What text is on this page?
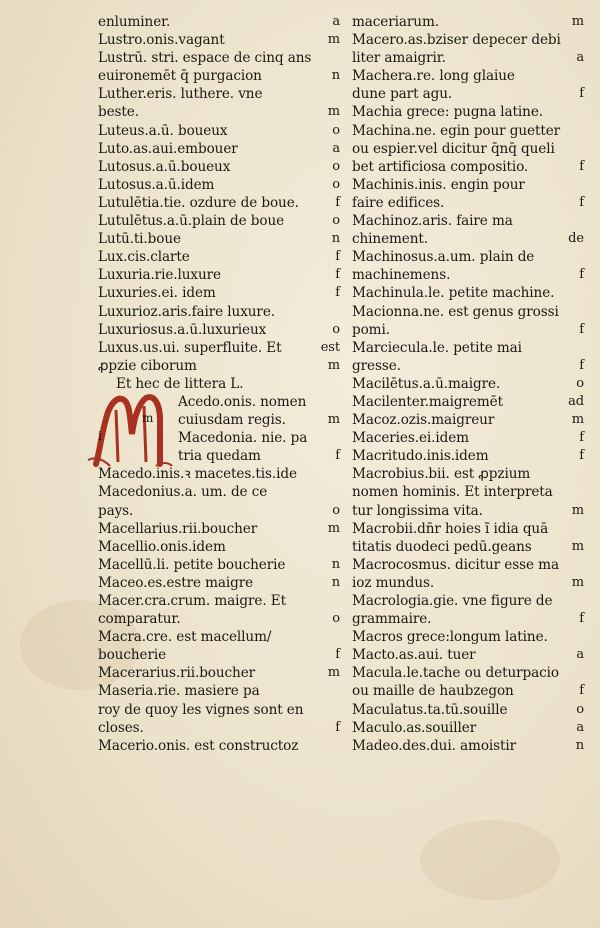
enluminer.	a
Lustro.onis.vagant	m
Lustrū. stri. espace de cinq ans
euironemēt q̄ purgacion	n
Luther.eris. luthere. vne
beste.	m
Luteus.a.ū. boueux	o
Luto.as.aui.embouer	a
Lutosus.a.ū.boueux	o
Lutosus.a.ū.idem	o
Lutulētia.tie. ozdure de boue.	f
Lutulētus.a.ū.plain de boue	o
Lutū.ti.boue	n
Lux.cis.clarte	f
Luxuria.rie.luxure	f
Luxuries.ei. idem	f
Luxurioz.aris.faire luxure.
Luxuriosus.a.ū.luxurieux	o
Luxus.us.ui. superfluite. Et	est
ꝓpzie ciborum	m
Et hec de littera L.
Acedo.onis. nomen
cuiusdam regis.	m
Macedonia. nie. pa
tria quedam	f
Macedo.inis.ꝛ macetes.tis.ide
Macedonius.a. um. de ce
pays.	o
Macellarius.rii.boucher	m
Macellio.onis.idem
Macellū.li. petite boucherie	n
Maceo.es.estre maigre	n
Macer.cra.crum. maigre. Et
comparatur.	o
Macra.cre. est macellum/
boucherie	f
Macerarius.rii.boucher	m
Maseria.rie. masiere pa
roy de quoy les vignes sont en
closes.	f
Macerio.onis. est constructoz
maceriarum.	m
Macero.as.bziser depecer debi
liter amaigrir.	a
Machera.re. long glaiue
dune part agu.	f
Machia grece: pugna latine.
Machina.ne. egin pour guetter
ou espier.vel dicitur q̄nq̄ queli
bet artificiosa compositio.	f
Machinis.inis. engin pour
faire edifices.	f
Machinoz.aris. faire ma
chinement.	de
Machinosus.a.um. plain de
machinemens.	f
Machinula.le. petite machine.
Macionna.ne. est genus grossi
pomi.	f
Marciecula.le. petite mai
gresse.	f
Macilētus.a.ū.maigre.	o
Macilenter.maigremēt	ad
Macoz.ozis.maigreur	m
Maceries.ei.idem	f
Macritudo.inis.idem	f
Macrobius.bii. est ꝓpzium
nomen hominis. Et interpreta
tur longissima vita.	m
Macrobii.dn̄r hoies ĩ idia quā
titatis duodeci pedū.geans	m
Macrocosmus. dicitur esse ma
ioz mundus.	m
Macrologia.gie. vne figure de
grammaire.	f
Macros grece:longum latine.
Macto.as.aui. tuer	a
Macula.le.tache ou deturpacio
ou maille de haubzegon	f
Maculatus.ta.tū.souille	o
Maculo.as.souiller	a
Madeo.des.dui. amoistir	n
m
i
